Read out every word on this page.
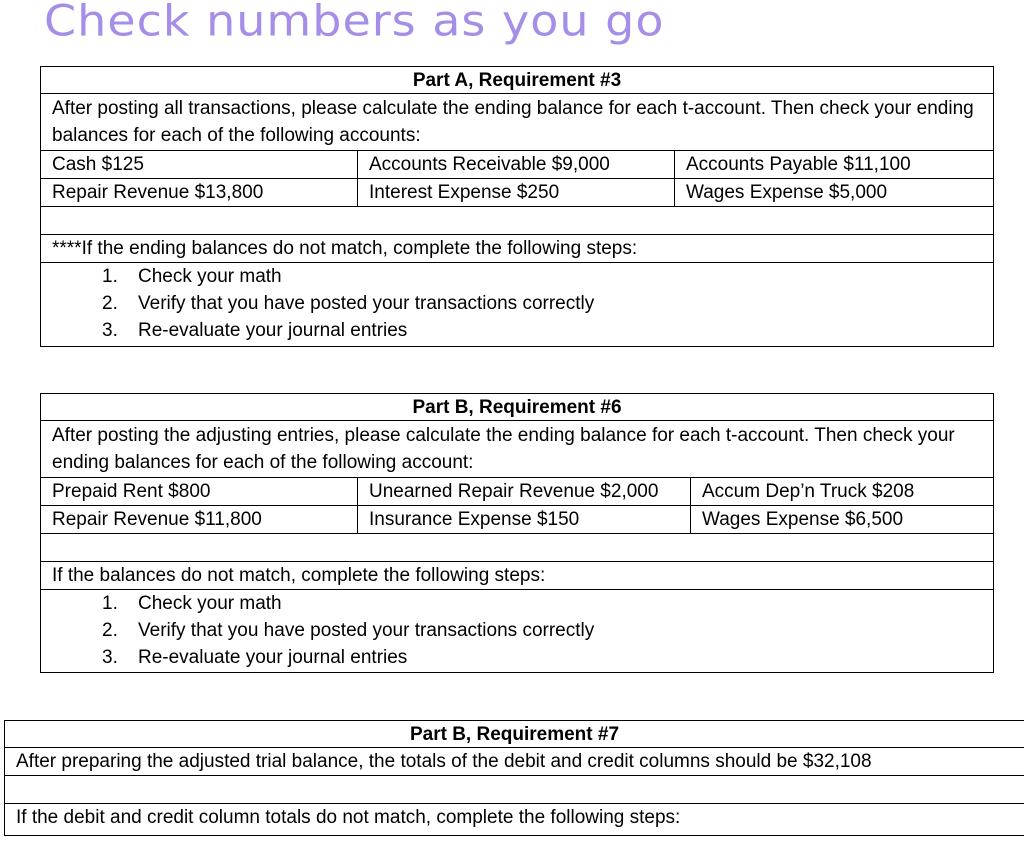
Check numbers as you go
Part A, Requirement #3
After posting all transactions, please calculate the ending balance for each t-account. Then check your ending balances for each of the following accounts:
Cash $125	Accounts Receivable $9,000	Accounts Payable $11,100
Repair Revenue $13,800	Interest Expense $250	Wages Expense $5,000
****If the ending balances do not match, complete the following steps:
1. Check your math
2. Verify that you have posted your transactions correctly
3. Re-evaluate your journal entries
Part B, Requirement #6
After posting the adjusting entries, please calculate the ending balance for each t-account. Then check your ending balances for each of the following account:
Prepaid Rent $800	Unearned Repair Revenue $2,000	Accum Dep’n Truck $208
Repair Revenue $11,800	Insurance Expense $150	Wages Expense $6,500
If the balances do not match, complete the following steps:
1. Check your math
2. Verify that you have posted your transactions correctly
3. Re-evaluate your journal entries
Part B, Requirement #7
After preparing the adjusted trial balance, the totals of the debit and credit columns should be $32,108
If the debit and credit column totals do not match, complete the following steps:
